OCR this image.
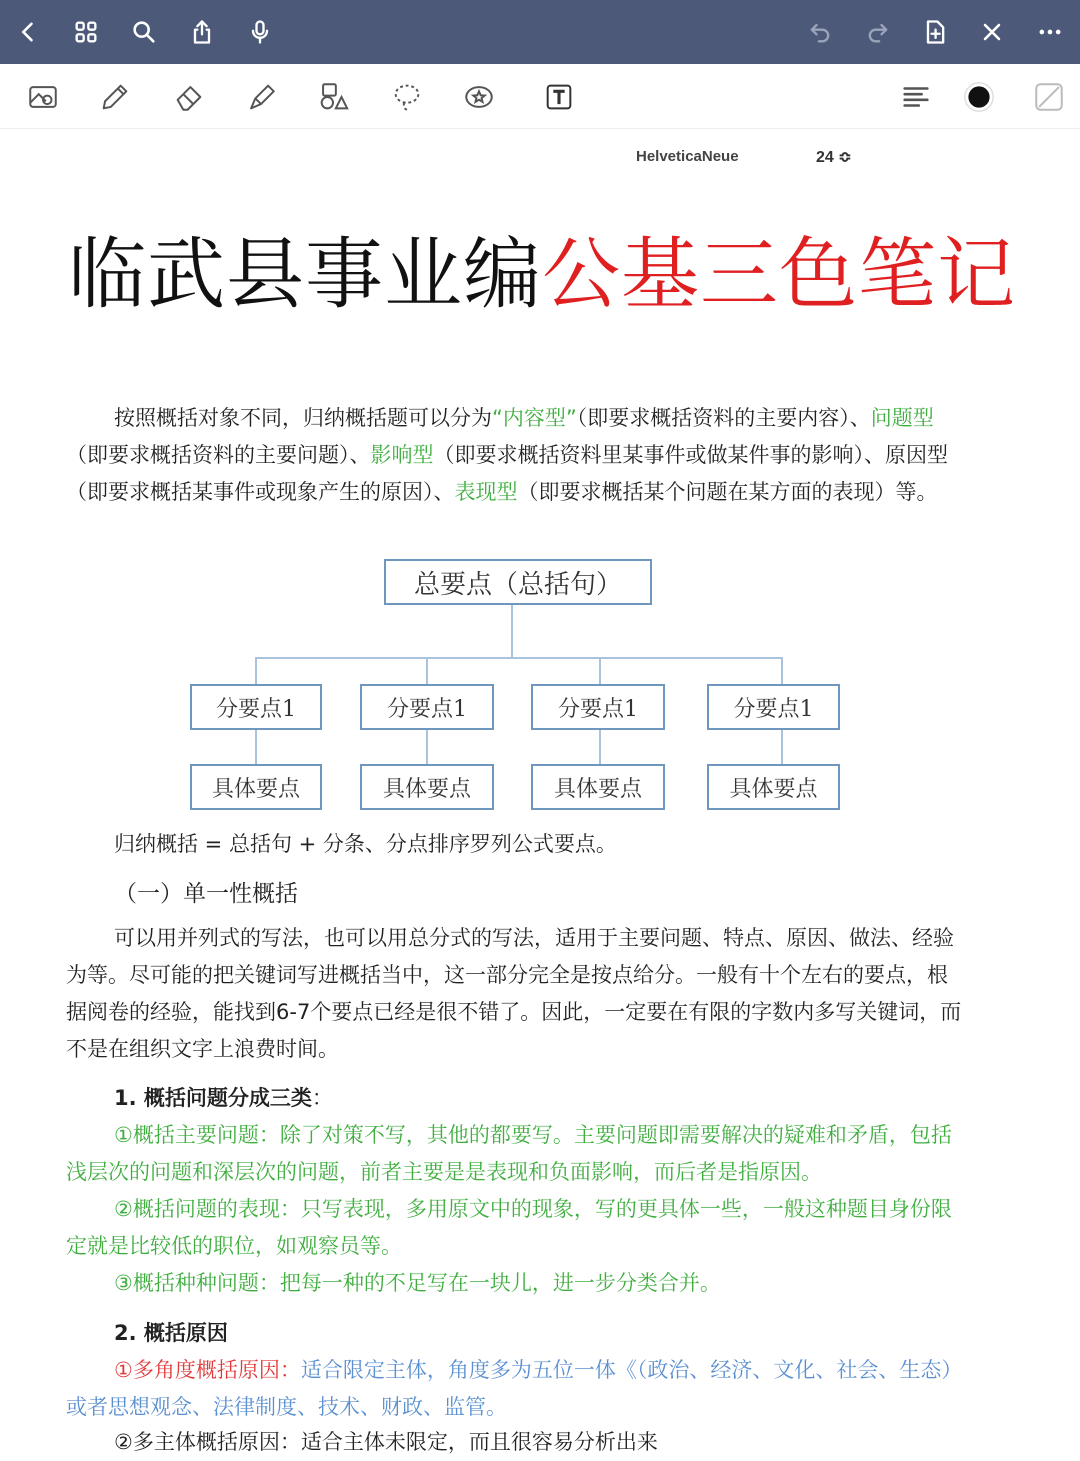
HelveticaNeue	24 ≎
临武县事业编公基三色笔记
按照概括对象不同，归纳概括题可以分为“内容型”（即要求概括资料的主要内容）、问题型（即要求概括资料的主要问题）、影响型（即要求概括资料里某事件或做某件事的影响）、原因型（即要求概括某事件或现象产生的原因）、表现型（即要求概括某个问题在某方面的表现）等。
总要点（总括句）
分要点1	分要点1	分要点1	分要点1
具体要点	具体要点	具体要点	具体要点
归纳概括 = 总括句 + 分条、分点排序罗列公式要点。
（一）单一性概括
可以用并列式的写法，也可以用总分式的写法，适用于主要问题、特点、原因、做法、经验为等。尽可能的把关键词写进概括当中，这一部分完全是按点给分。一般有十个左右的要点，根据阅卷的经验，能找到6-7个要点已经是很不错了。因此，一定要在有限的字数内多写关键词，而不是在组织文字上浪费时间。
1. 概括问题分成三类：
①概括主要问题：除了对策不写，其他的都要写。主要问题即需要解决的疑难和矛盾，包括浅层次的问题和深层次的问题，前者主要是是表现和负面影响，而后者是指原因。
②概括问题的表现：只写表现，多用原文中的现象，写的更具体一些，一般这种题目身份限定就是比较低的职位，如观察员等。
③概括种种问题：把每一种的不足写在一块儿，进一步分类合并。
2. 概括原因
①多角度概括原因：适合限定主体，角度多为五位一体《（政治、经济、文化、社会、生态）或者思想观念、法律制度、技术、财政、监管。
②多主体概括原因：适合主体未限定，而且很容易分析出来
